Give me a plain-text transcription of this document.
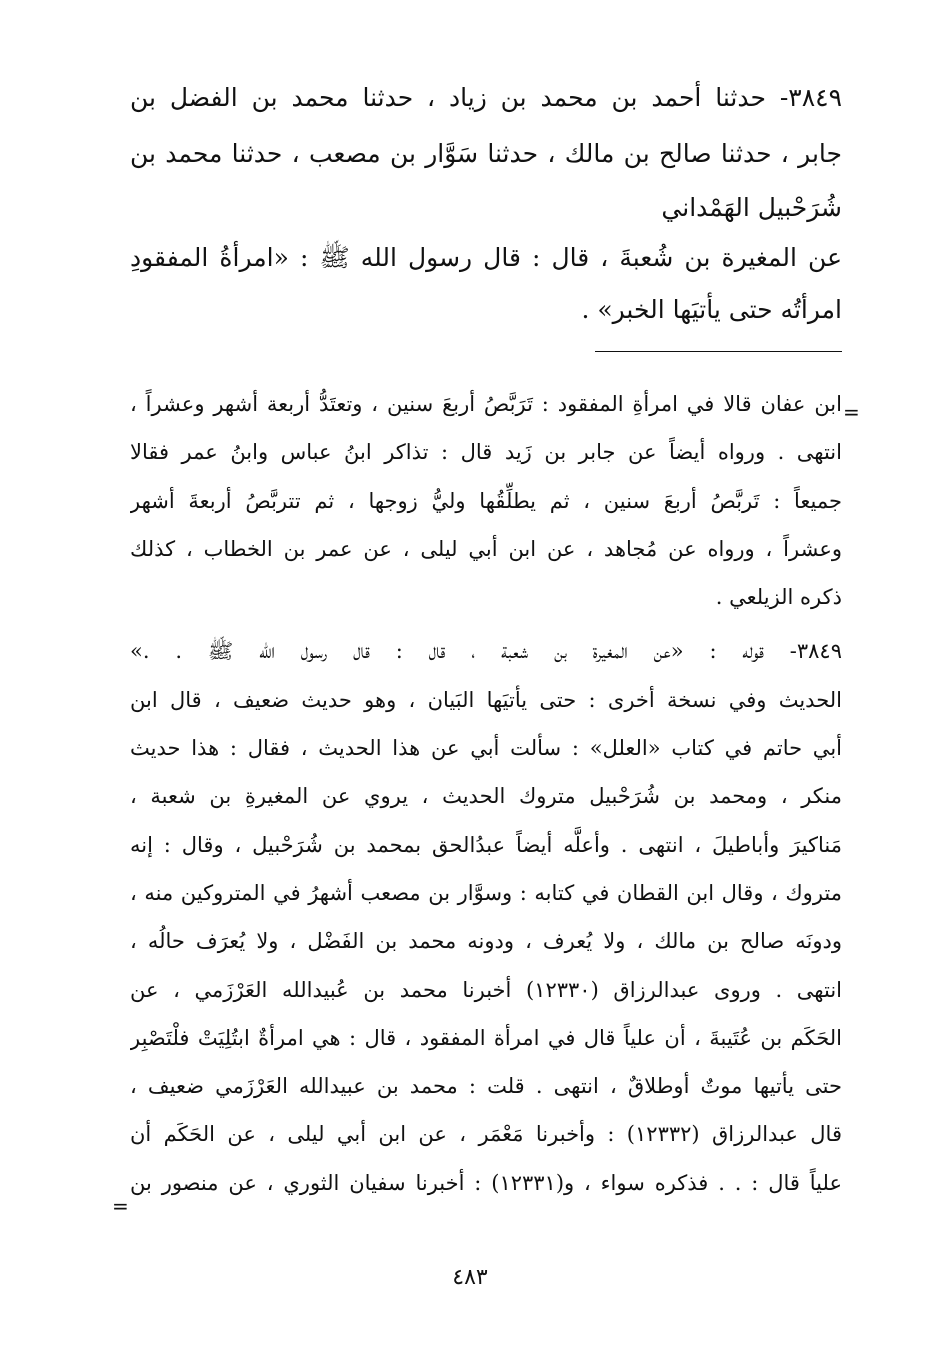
٣٨٤٩- حدثنا أحمد بن محمد بن زياد ، حدثنا محمد بن الفضل بن
جابر ، حدثنا صالح بن مالك ، حدثنا سَوَّار بن مصعب ، حدثنا محمد بن
شُرَحْبيل الهَمْداني
عن المغيرة بن شُعبةَ ، قال : قال رسول الله ﷺ : «امرأةُ المفقودِ
امرأتُه حتى يأتيَها الخبر» .
=
ابن عفان قالا في امرأةِ المفقود : تَرَبَّصُ أربعَ سنين ، وتعتَدُّ أربعة أشهر وعشراً ،
انتهى . ورواه أيضاً عن جابر بن زَيد قال : تذاكر ابنُ عباس وابنُ عمر فقالا
جميعاً : تَربَّصُ أربعَ سنين ، ثم يطلِّقُها وليُّ زوجها ، ثم تتربَّصُ أربعةَ أشهر
وعشراً ، ورواه عن مُجاهد ، عن ابن أبي ليلى ، عن عمر بن الخطاب ، كذلك
ذكره الزيلعي .
٣٨٤٩- قوله : «عن المغيرة بن شعبة ، قال : قال رسول الله ﷺ . .»
الحديث وفي نسخة أخرى : حتى يأتيَها البَيان ، وهو حديث ضعيف ، قال ابن
أبي حاتم في كتاب «العلل» : سألت أبي عن هذا الحديث ، فقال : هذا حديث
منكر ، ومحمد بن شُرَحْبيل متروك الحديث ، يروي عن المغيرةِ بن شعبة ،
مَناكيرَ وأباطيلَ ، انتهى . وأعلَّه أيضاً عبدُالحق بمحمد بن شُرَحْبيل ، وقال : إنه
متروك ، وقال ابن القطان في كتابه : وسوَّار بن مصعب أشهرُ في المتروكين منه ،
ودونَه صالح بن مالك ، ولا يُعرف ، ودونه محمد بن الفَضْل ، ولا يُعرَف حالُه ،
انتهى . وروى عبدالرزاق (١٢٣٣٠) أخبرنا محمد بن عُبيدالله العَرْزَمي ، عن
الحَكَم بن عُتَيبةَ ، أن علياً قال في امرأة المفقود ، قال : هي امرأةٌ ابتُلِيَتْ فلْتَصْبِر
حتى يأتيها موتٌ أوطلاقٌ ، انتهى . قلت : محمد بن عبيدالله العَرْزَمي ضعيف ،
قال عبدالرزاق (١٢٣٣٢) : وأخبرنا مَعْمَر ، عن ابن أبي ليلى ، عن الحَكَم أن
علياً قال : . . فذكره سواء ، و(١٢٣٣١) : أخبرنا سفيان الثوري ، عن منصور بن
=
٤٨٣
